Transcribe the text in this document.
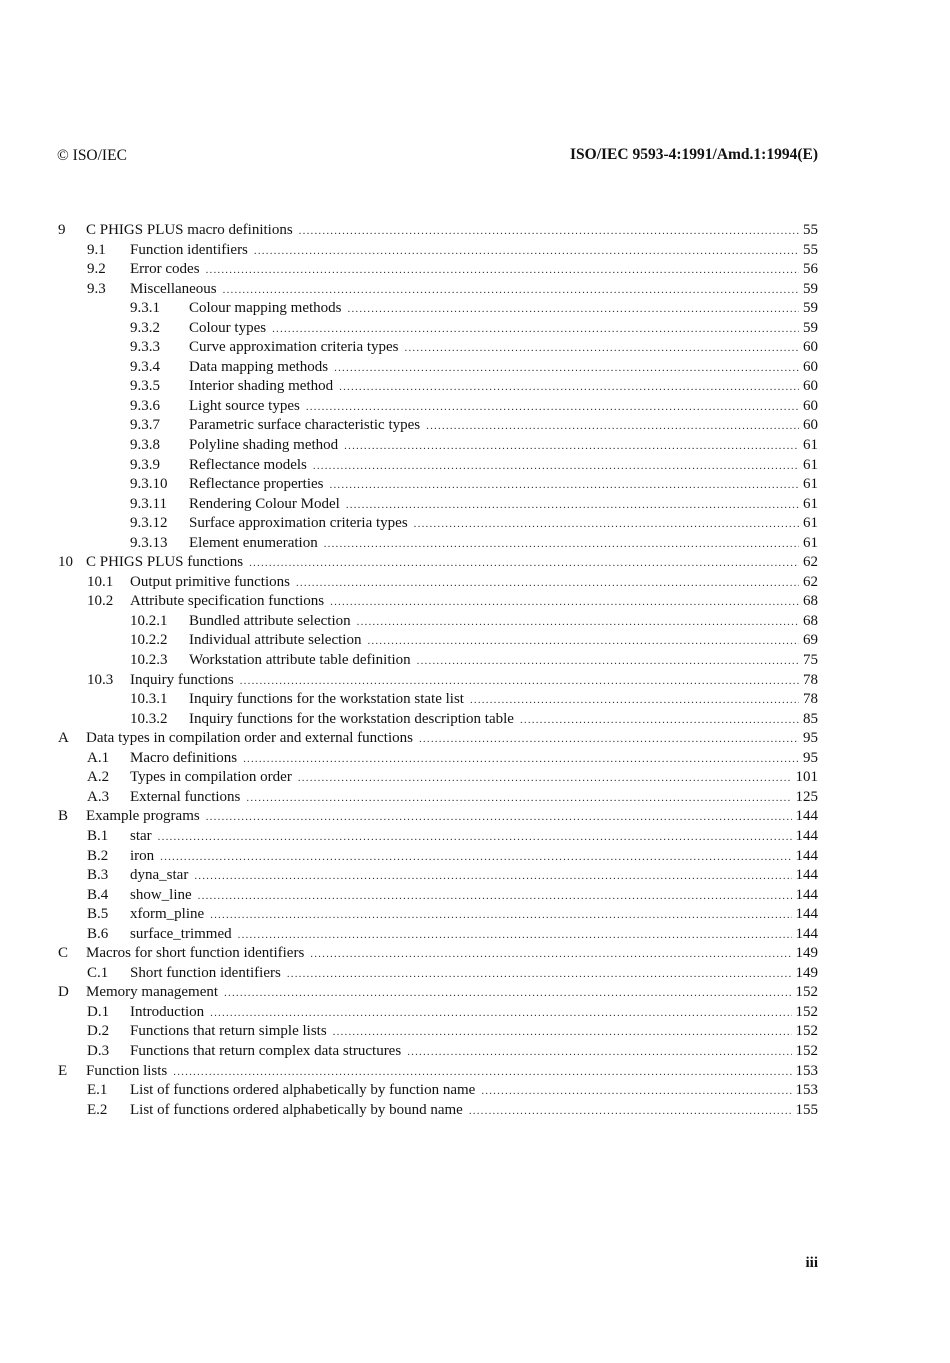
© ISO/IEC	ISO/IEC 9593-4:1991/Amd.1:1994(E)
9 C PHIGS PLUS macro definitions .....	55
9.1 Function identifiers .....	55
9.2 Error codes .....	56
9.3 Miscellaneous .....	59
9.3.1 Colour mapping methods .....	59
9.3.2 Colour types .....	59
9.3.3 Curve approximation criteria types .....	60
9.3.4 Data mapping methods .....	60
9.3.5 Interior shading method .....	60
9.3.6 Light source types .....	60
9.3.7 Parametric surface characteristic types .....	60
9.3.8 Polyline shading method .....	61
9.3.9 Reflectance models .....	61
9.3.10 Reflectance properties .....	61
9.3.11 Rendering Colour Model .....	61
9.3.12 Surface approximation criteria types .....	61
9.3.13 Element enumeration .....	61
10 C PHIGS PLUS functions .....	62
10.1 Output primitive functions .....	62
10.2 Attribute specification functions .....	68
10.2.1 Bundled attribute selection .....	68
10.2.2 Individual attribute selection .....	69
10.2.3 Workstation attribute table definition .....	75
10.3 Inquiry functions .....	78
10.3.1 Inquiry functions for the workstation state list .....	78
10.3.2 Inquiry functions for the workstation description table .....	85
A Data types in compilation order and external functions .....	95
A.1 Macro definitions .....	95
A.2 Types in compilation order .....	101
A.3 External functions .....	125
B Example programs .....	144
B.1 star .....	144
B.2 iron .....	144
B.3 dyna_star .....	144
B.4 show_line .....	144
B.5 xform_pline .....	144
B.6 surface_trimmed .....	144
C Macros for short function identifiers .....	149
C.1 Short function identifiers .....	149
D Memory management .....	152
D.1 Introduction .....	152
D.2 Functions that return simple lists .....	152
D.3 Functions that return complex data structures .....	152
E Function lists .....	153
E.1 List of functions ordered alphabetically by function name .....	153
E.2 List of functions ordered alphabetically by bound name .....	155
iii
